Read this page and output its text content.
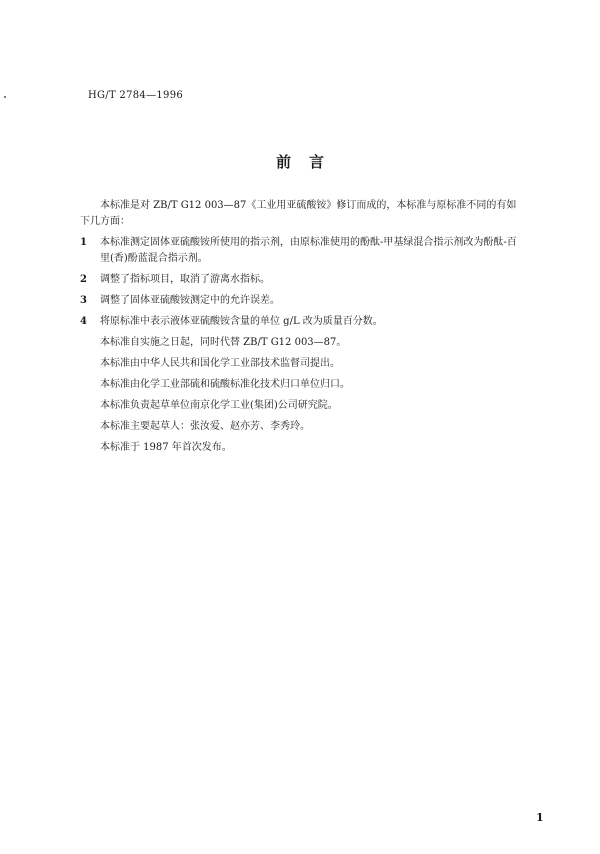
HG/T 2784—1996
前言

本标准是对 ZB/T G12 003—87《工业用亚硫酸铵》修订而成的，本标准与原标准不同的有如下几方面：

1	本标准测定固体亚硫酸铵所使用的指示剂，由原标准使用的酚酞-甲基绿混合指示剂改为酚酞-百里(香)酚蓝混合指示剂。
2	调整了指标项目，取消了游离水指标。
3	调整了固体亚硫酸铵测定中的允许误差。
4	将原标准中表示液体亚硫酸铵含量的单位 g/L 改为质量百分数。

本标准自实施之日起，同时代替 ZB/T G12 003—87。

本标准由中华人民共和国化学工业部技术监督司提出。

本标准由化学工业部硫和硫酸标准化技术归口单位归口。

本标准负责起草单位南京化学工业(集团)公司研究院。

本标准主要起草人：张汝爱、赵亦芳、李秀玲。

本标准于 1987 年首次发布。

1
